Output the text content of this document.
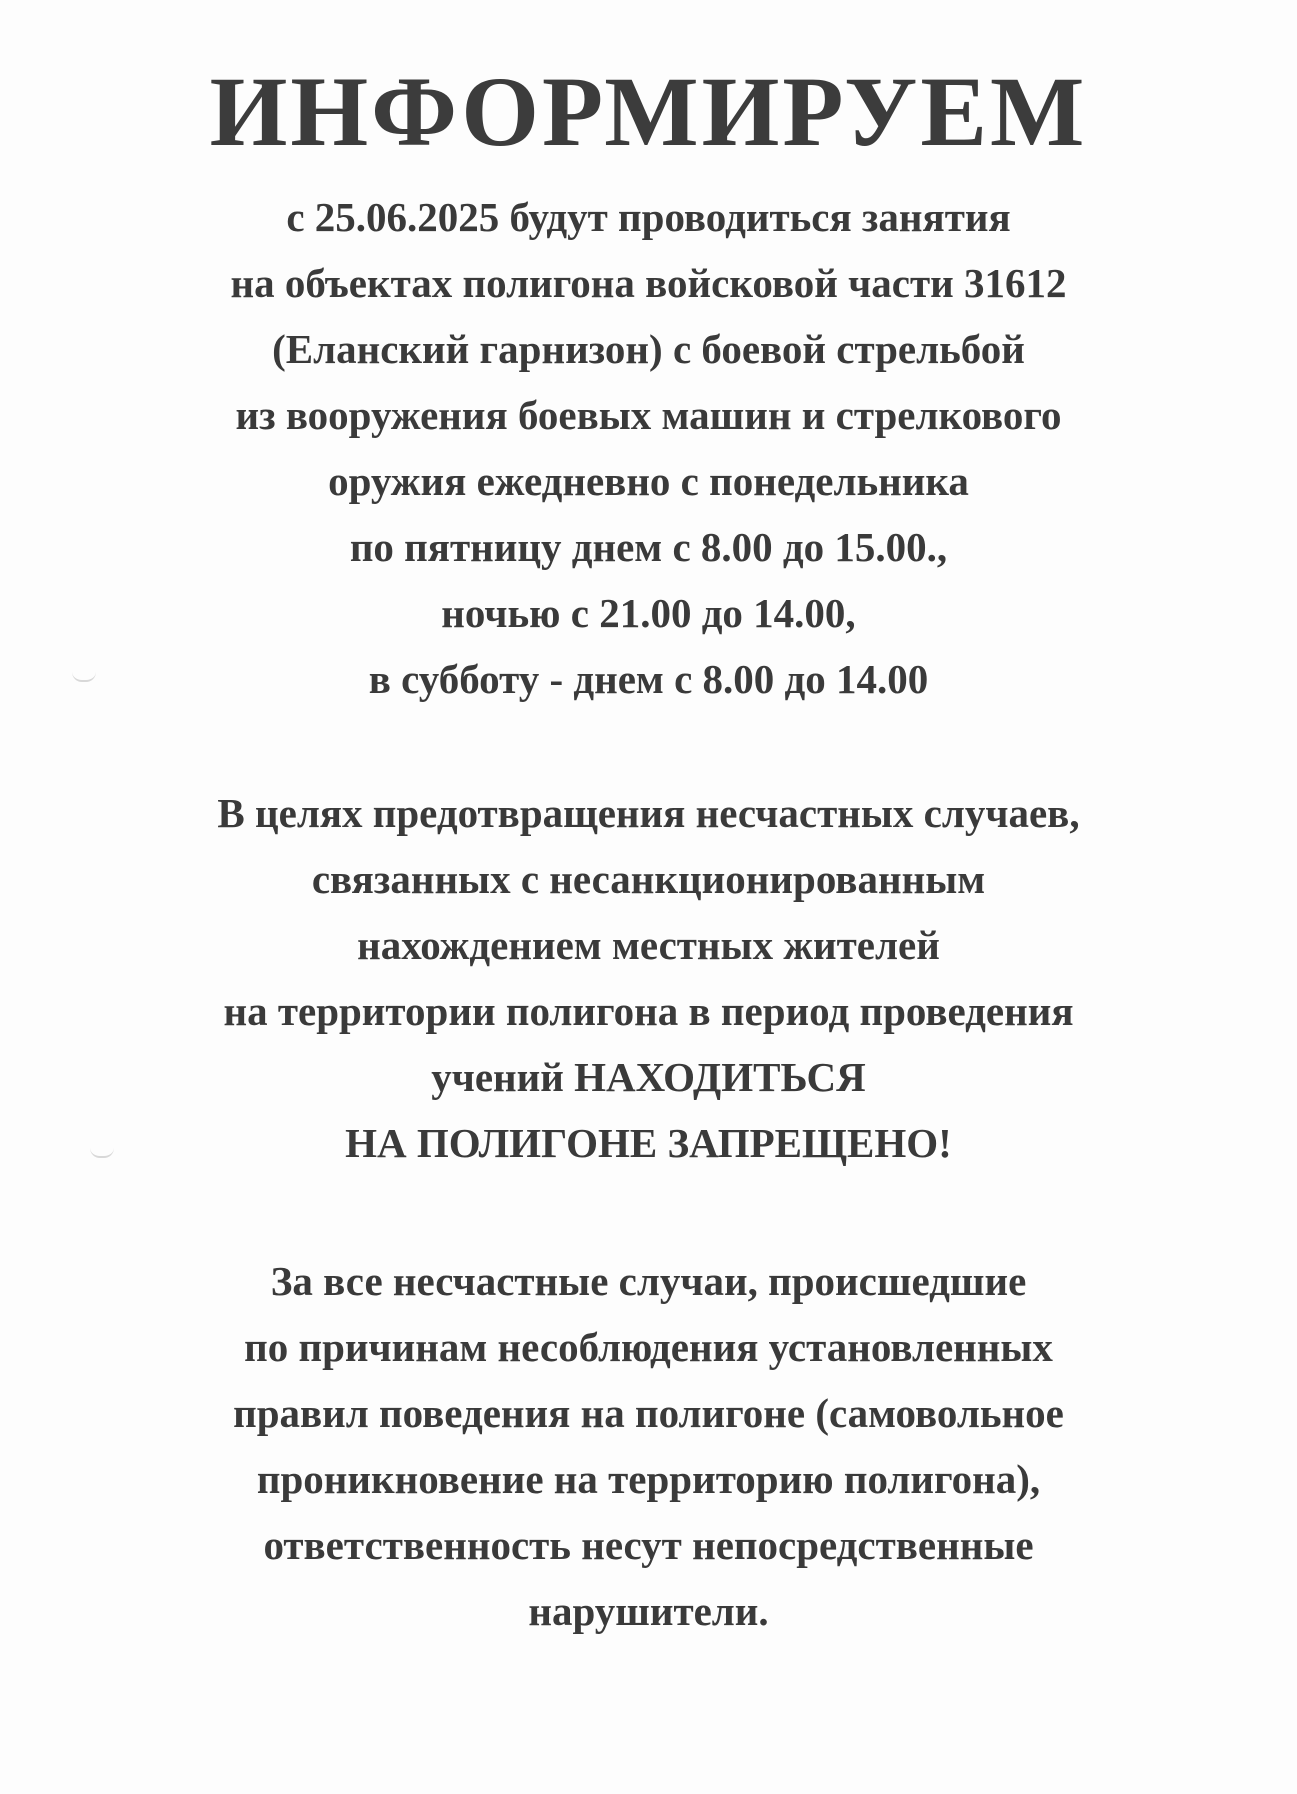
ИНФОРМИРУЕМ
с 25.06.2025 будут проводиться занятия
на объектах полигона войсковой части 31612
(Еланский гарнизон) с боевой стрельбой
из вооружения боевых машин и стрелкового
оружия ежедневно с понедельника
по пятницу днем с 8.00 до 15.00.,
ночью с 21.00 до 14.00,
в субботу - днем с 8.00 до 14.00
В целях предотвращения несчастных случаев,
связанных с несанкционированным
нахождением местных жителей
на территории полигона в период проведения
учений НАХОДИТЬСЯ
НА ПОЛИГОНЕ ЗАПРЕЩЕНО!
За все несчастные случаи, происшедшие
по причинам несоблюдения установленных
правил поведения на полигоне (самовольное
проникновение на территорию полигона),
ответственность несут непосредственные
нарушители.
